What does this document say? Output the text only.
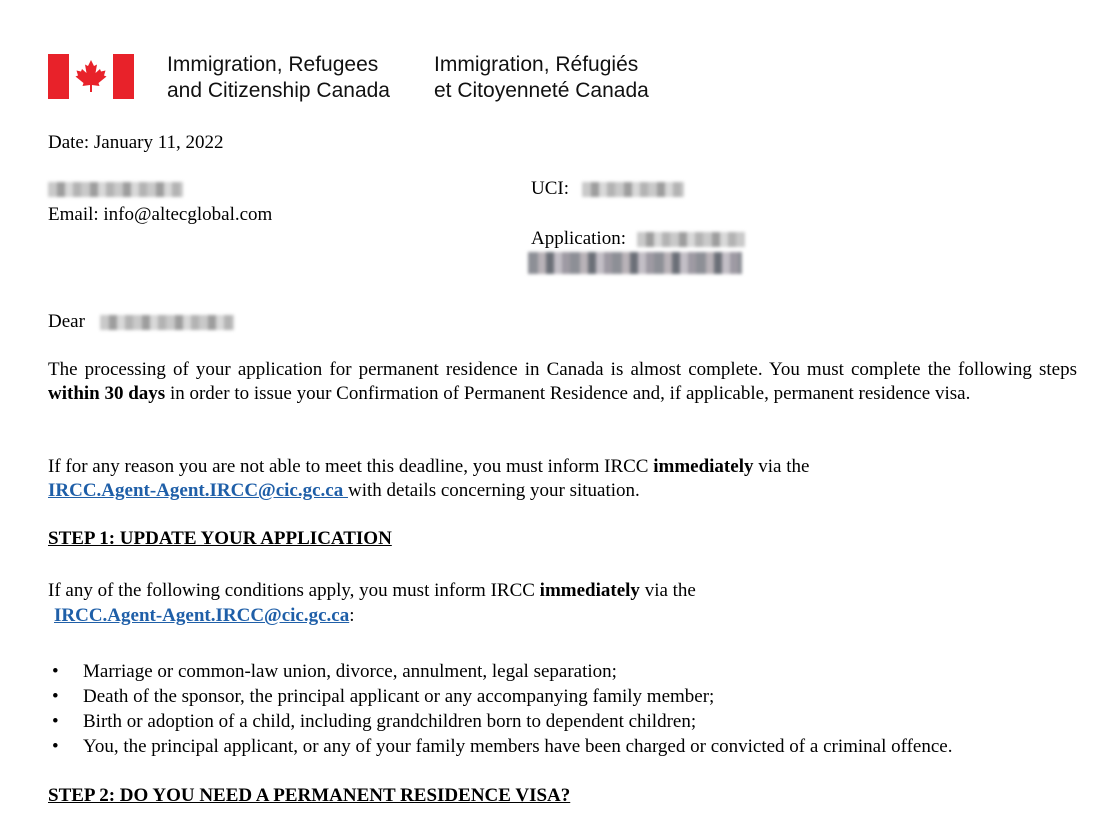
Immigration, Refugees
and Citizenship Canada
Immigration, Réfugiés
et Citoyenneté Canada
Date: January 11, 2022
Email: info@altecglobal.com
UCI:
Application:
Dear
The processing of your application for permanent residence in Canada is almost complete. You must complete the following steps within 30 days in order to issue your Confirmation of Permanent Residence and, if applicable, permanent residence visa.
If for any reason you are not able to meet this deadline, you must inform IRCC immediately via the
IRCC.Agent-Agent.IRCC@cic.gc.ca with details concerning your situation.
STEP 1: UPDATE YOUR APPLICATION
If any of the following conditions apply, you must inform IRCC immediately via the
IRCC.Agent-Agent.IRCC@cic.gc.ca:
• Marriage or common-law union, divorce, annulment, legal separation;
• Death of the sponsor, the principal applicant or any accompanying family member;
• Birth or adoption of a child, including grandchildren born to dependent children;
• You, the principal applicant, or any of your family members have been charged or convicted of a criminal offence.
STEP 2: DO YOU NEED A PERMANENT RESIDENCE VISA?
